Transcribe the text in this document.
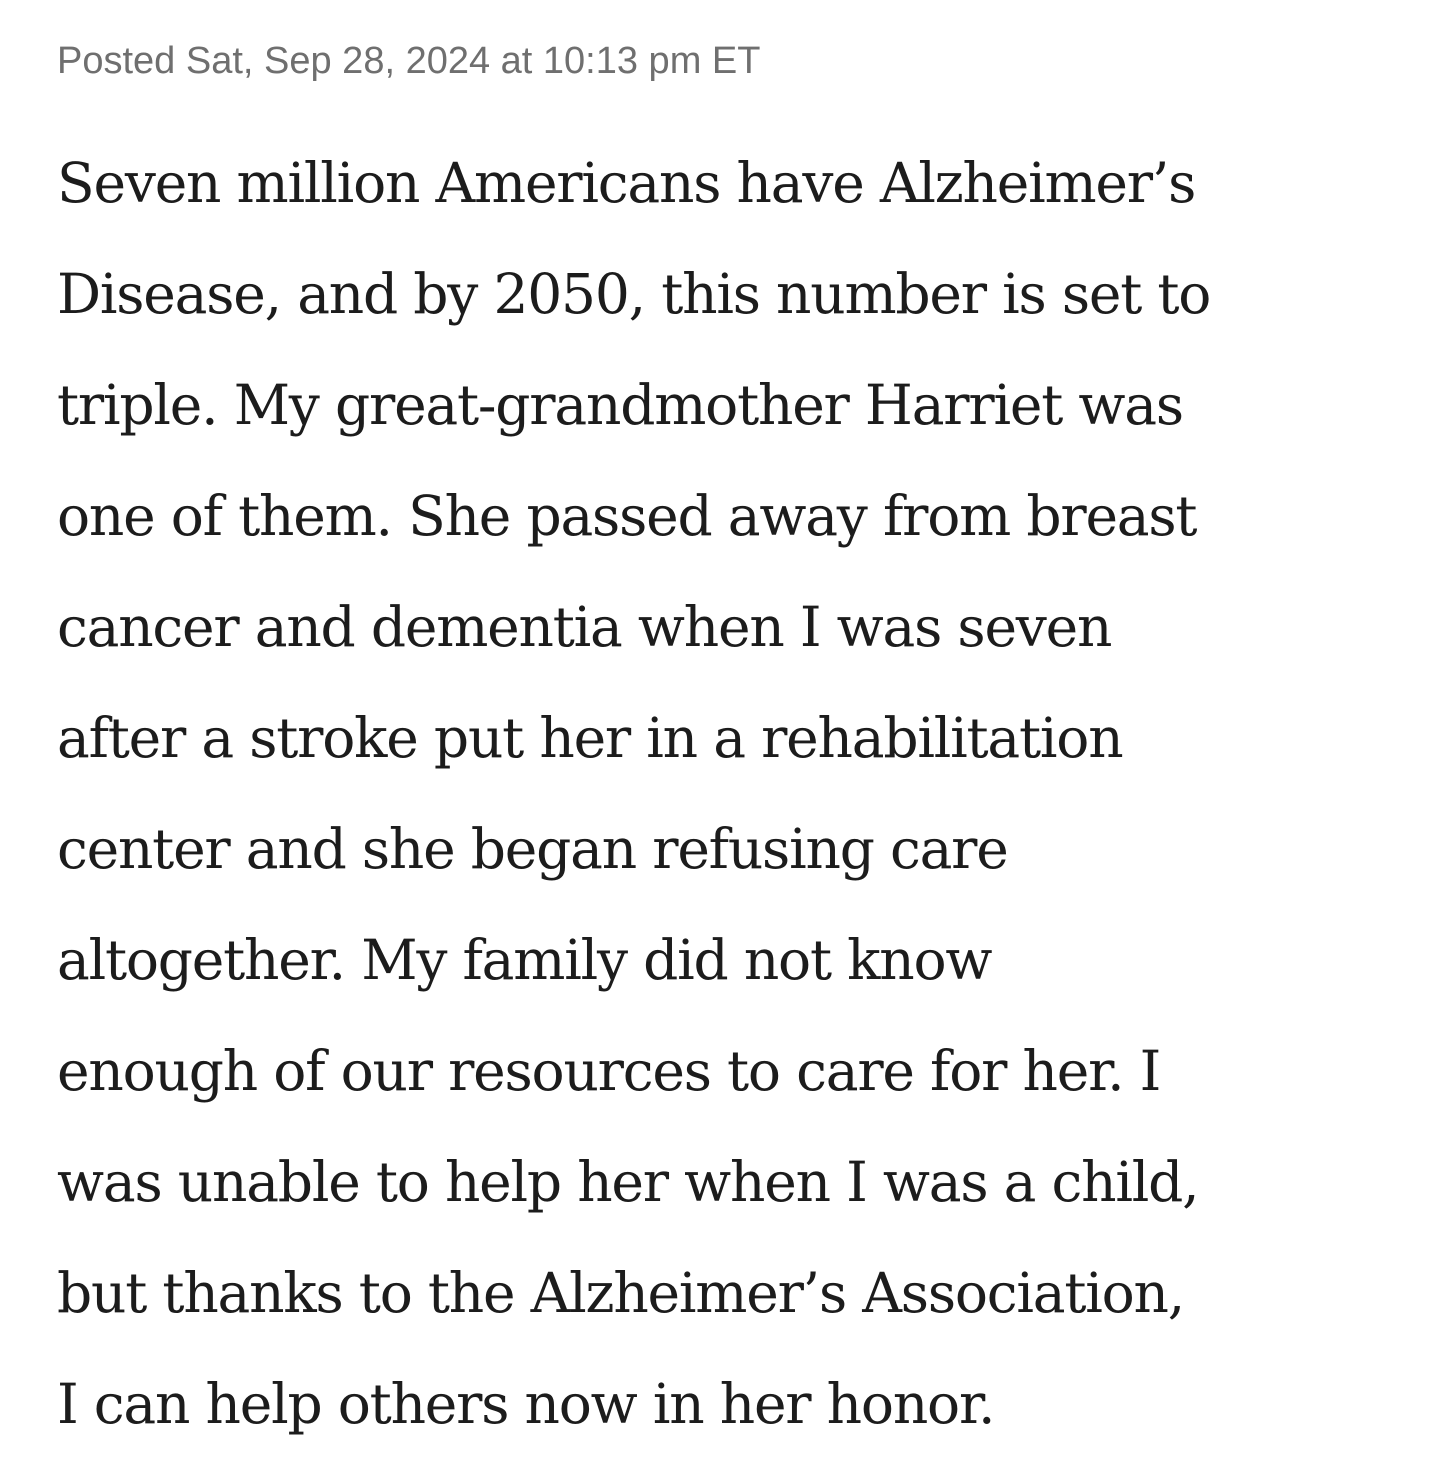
Posted Sat, Sep 28, 2024 at 10:13 pm ET

Seven million Americans have Alzheimer’s
Disease, and by 2050, this number is set to
triple. My great-grandmother Harriet was
one of them. She passed away from breast
cancer and dementia when I was seven
after a stroke put her in a rehabilitation
center and she began refusing care
altogether. My family did not know
enough of our resources to care for her. I
was unable to help her when I was a child,
but thanks to the Alzheimer’s Association,
I can help others now in her honor.
